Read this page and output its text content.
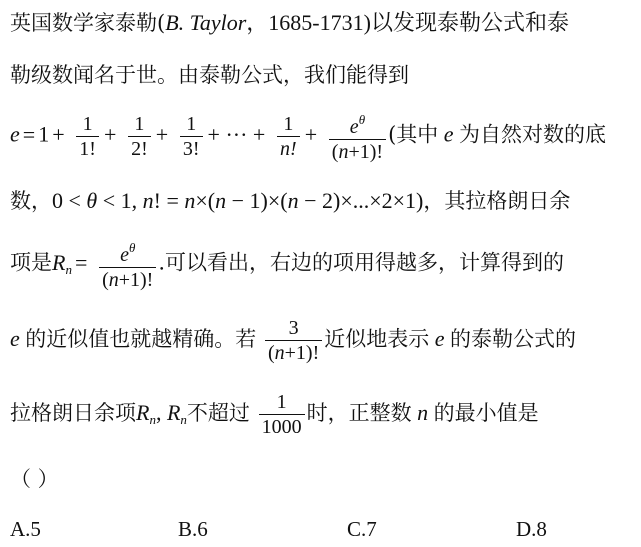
英国数学家泰勒(B. Taylor，1685-1731)以发现泰勒公式和泰
勒级数闻名于世。由泰勒公式，我们能得到
$e = 1 + \frac{1}{1!} + \frac{1}{2!} + \frac{1}{3!}$ + ··· + $\frac{1}{n!} + \frac{e^\theta}{(n+1)!}$ (其中 e 为自然对数的底
数，0 < θ < 1, n! = n×(n − 1)×(n − 2)×...×2×1)，其拉格朗日余
项是$R_n = \frac{e^\theta}{(n+1)!}$ .可以看出，右边的项用得越多，计算得到的
e 的近似值也就越精确。若 $\frac{3}{(n+1)!}$ 近似地表示 e 的泰勒公式的
拉格朗日余项$R_n$, $R_n$不超过 $\frac{1}{1000}$ 时，正整数 n 的最小值是
（ ）
A.5	B.6	C.7	D.8
